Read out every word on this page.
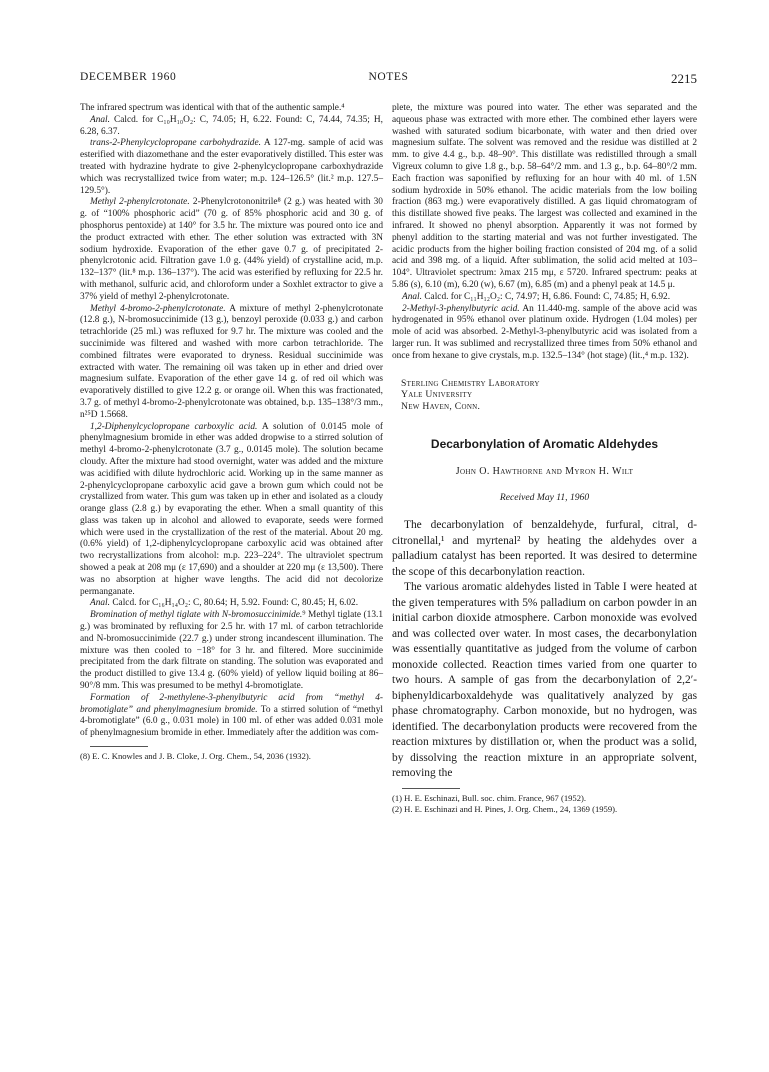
DECEMBER 1960	NOTES	2215

The infrared spectrum was identical with that of the authentic sample.⁴

Anal. Calcd. for C₁₀H₁₀O₂: C, 74.05; H, 6.22. Found: C, 74.44, 74.35; H, 6.28, 6.37.

trans-2-Phenylcyclopropane carbohydrazide. A 127-mg. sample of acid was esterified with diazomethane and the ester evaporatively distilled. This ester was treated with hydrazine hydrate to give 2-phenylcyclopropane carboxhydrazide which was recrystallized twice from water; m.p. 124–126.5° (lit.² m.p. 127.5–129.5°).

Methyl 2-phenylcrotonate. 2-Phenylcrotononitrile⁸ (2 g.) was heated with 30 g. of “100% phosphoric acid” (70 g. of 85% phosphoric acid and 30 g. of phosphorus pentoxide) at 140° for 3.5 hr. The mixture was poured onto ice and the product extracted with ether. The ether solution was extracted with 3N sodium hydroxide. Evaporation of the ether gave 0.7 g. of precipitated 2-phenylcrotonic acid. Filtration gave 1.0 g. (44% yield) of crystalline acid, m.p. 132–137° (lit.⁸ m.p. 136–137°). The acid was esterified by refluxing for 22.5 hr. with methanol, sulfuric acid, and chloroform under a Soxhlet extractor to give a 37% yield of methyl 2-phenylcrotonate.

Methyl 4-bromo-2-phenylcrotonate. A mixture of methyl 2-phenylcrotonate (12.8 g.), N-bromosuccinimide (13 g.), benzoyl peroxide (0.033 g.) and carbon tetrachloride (25 ml.) was refluxed for 9.7 hr. The mixture was cooled and the succinimide was filtered and washed with more carbon tetrachloride. The combined filtrates were evaporated to dryness. Residual succinimide was extracted with water. The remaining oil was taken up in ether and dried over magnesium sulfate. Evaporation of the ether gave 14 g. of red oil which was evaporatively distilled to give 12.2 g. or orange oil. When this was fractionated, 3.7 g. of methyl 4-bromo-2-phenylcrotonate was obtained, b.p. 135–138°/3 mm., n²⁵D 1.5668.

1,2-Diphenylcyclopropane carboxylic acid. A solution of 0.0145 mole of phenylmagnesium bromide in ether was added dropwise to a stirred solution of methyl 4-bromo-2-phenylcrotonate (3.7 g., 0.0145 mole). The solution became cloudy. After the mixture had stood overnight, water was added and the mixture was acidified with dilute hydrochloric acid. Working up in the same manner as 2-phenylcyclopropane carboxylic acid gave a brown gum which could not be crystallized from water. This gum was taken up in ether and isolated as a cloudy orange glass (2.8 g.) by evaporating the ether. When a small quantity of this glass was taken up in alcohol and allowed to evaporate, seeds were formed which were used in the crystallization of the rest of the material. About 20 mg. (0.6% yield) of 1,2-diphenylcyclopropane carboxylic acid was obtained after two recrystallizations from alcohol: m.p. 223–224°. The ultraviolet spectrum showed a peak at 208 mμ (ε 17,690) and a shoulder at 220 mμ (ε 13,500). There was no absorption at higher wave lengths. The acid did not decolorize permanganate.

Anal. Calcd. for C₁₆H₁₄O₂: C, 80.64; H, 5.92. Found: C, 80.45; H, 6.02.

Bromination of methyl tiglate with N-bromosuccinimide.⁹ Methyl tiglate (13.1 g.) was brominated by refluxing for 2.5 hr. with 17 ml. of carbon tetrachloride and N-bromosuccinimide (22.7 g.) under strong incandescent illumination. The mixture was then cooled to −18° for 3 hr. and filtered. More succinimide precipitated from the dark filtrate on standing. The solution was evaporated and the product distilled to give 13.4 g. (60% yield) of yellow liquid boiling at 86–90°/8 mm. This was presumed to be methyl 4-bromotiglate.

Formation of 2-methylene-3-phenylbutyric acid from “methyl 4-bromotiglate” and phenylmagnesium bromide. To a stirred solution of “methyl 4-bromotiglate” (6.0 g., 0.031 mole) in 100 ml. of ether was added 0.031 mole of phenylmagnesium bromide in ether. Immediately after the addition was com-

(8) E. C. Knowles and J. B. Cloke, J. Org. Chem., 54, 2036 (1932).

plete, the mixture was poured into water. The ether was separated and the aqueous phase was extracted with more ether. The combined ether layers were washed with saturated sodium bicarbonate, with water and then dried over magnesium sulfate. The solvent was removed and the residue was distilled at 2 mm. to give 4.4 g., b.p. 48–90°. This distillate was redistilled through a small Vigreux column to give 1.8 g., b.p. 58–64°/2 mm. and 1.3 g., b.p. 64–80°/2 mm. Each fraction was saponified by refluxing for an hour with 40 ml. of 1.5N sodium hydroxide in 50% ethanol. The acidic materials from the low boiling fraction (863 mg.) were evaporatively distilled. A gas liquid chromatogram of this distillate showed five peaks. The largest was collected and examined in the infrared. It showed no phenyl absorption. Apparently it was not formed by phenyl addition to the starting material and was not further investigated. The acidic products from the higher boiling fraction consisted of 204 mg. of a solid acid and 398 mg. of a liquid. After sublimation, the solid acid melted at 103–104°. Ultraviolet spectrum: λmax 215 mμ, ε 5720. Infrared spectrum: peaks at 5.86 (s), 6.10 (m), 6.20 (w), 6.67 (m), 6.85 (m) and a phenyl peak at 14.5 μ.

Anal. Calcd. for C₁₁H₁₂O₂: C, 74.97; H, 6.86. Found: C, 74.85; H, 6.92.

2-Methyl-3-phenylbutyric acid. An 11.440-mg. sample of the above acid was hydrogenated in 95% ethanol over platinum oxide. Hydrogen (1.04 moles) per mole of acid was absorbed. 2-Methyl-3-phenylbutyric acid was isolated from a larger run. It was sublimed and recrystallized three times from 50% ethanol and once from hexane to give crystals, m.p. 132.5–134° (hot stage) (lit.,⁴ m.p. 132).

Sterling Chemistry Laboratory
Yale University
New Haven, Conn.
Decarbonylation of Aromatic Aldehydes
John O. Hawthorne and Myron H. Wilt
Received May 11, 1960

The decarbonylation of benzaldehyde, furfural, citral, d-citronellal,¹ and myrtenal² by heating the aldehydes over a palladium catalyst has been reported. It was desired to determine the scope of this decarbonylation reaction.

The various aromatic aldehydes listed in Table I were heated at the given temperatures with 5% palladium on carbon powder in an initial carbon dioxide atmosphere. Carbon monoxide was evolved and was collected over water. In most cases, the decarbonylation was essentially quantitative as judged from the volume of carbon monoxide collected. Reaction times varied from one quarter to two hours. A sample of gas from the decarbonylation of 2,2′-biphenyldicarboxaldehyde was qualitatively analyzed by gas phase chromatography. Carbon monoxide, but no hydrogen, was identified. The decarbonylation products were recovered from the reaction mixtures by distillation or, when the product was a solid, by dissolving the reaction mixture in an appropriate solvent, removing the

(1) H. E. Eschinazi, Bull. soc. chim. France, 967 (1952).
(2) H. E. Eschinazi and H. Pines, J. Org. Chem., 24, 1369 (1959).
